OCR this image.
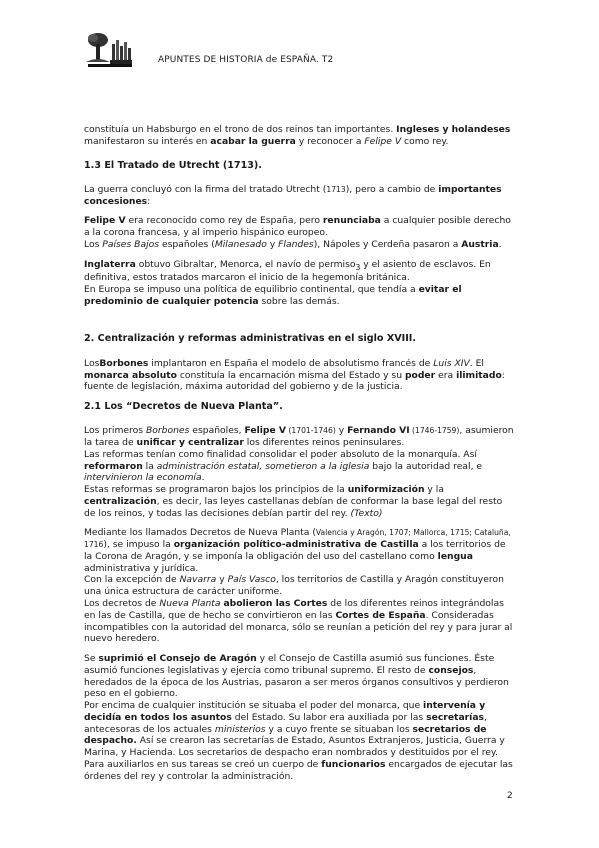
APUNTES DE HISTORIA de ESPAÑA. T2

constituía un Habsburgo en el trono de dos reinos tan importantes. Ingleses y holandeses manifestaron su interés en acabar la guerra y reconocer a Felipe V como rey.

1.3 El Tratado de Utrecht (1713).

La guerra concluyó con la firma del tratado Utrecht (1713), pero a cambio de importantes concesiones:

Felipe V era reconocido como rey de España, pero renunciaba a cualquier posible derecho a la corona francesa, y al imperio hispánico europeo.

Los Países Bajos españoles (Milanesado y Flandes), Nápoles y Cerdeña pasaron a Austria.

Inglaterra obtuvo Gibraltar, Menorca, el navío de permiso$_3$ y el asiento de esclavos. En definitiva, estos tratados marcaron el inicio de la hegemonía británica.

En Europa se impuso una política de equilibrio continental, que tendía a evitar el predominio de cualquier potencia sobre las demás.

2. Centralización y reformas administrativas en el siglo XVIII.

LosBorbones implantaron en España el modelo de absolutismo francés de Luis XIV. El monarca absoluto constituía la encarnación misma del Estado y su poder era ilimitado: fuente de legislación, máxima autoridad del gobierno y de la justicia.

2.1 Los “Decretos de Nueva Planta”.

Los primeros Borbones españoles, Felipe V (1701-1746) y Fernando VI (1746-1759), asumieron la tarea de unificar y centralizar los diferentes reinos peninsulares.

Las reformas tenían como finalidad consolidar el poder absoluto de la monarquía. Así reformaron la administración estatal, sometieron a la iglesia bajo la autoridad real, e intervinieron la economía.

Estas reformas se programaron bajos los principios de la uniformización y la centralización, es decir, las leyes castellanas debían de conformar la base legal del resto de los reinos, y todas las decisiones debían partir del rey. (Texto)

Mediante los llamados Decretos de Nueva Planta (Valencia y Aragón, 1707; Mallorca, 1715; Cataluña, 1716), se impuso la organización político-administrativa de Castilla a los territorios de la Corona de Aragón, y se imponía la obligación del uso del castellano como lengua administrativa y jurídica.

Con la excepción de Navarra y País Vasco, los territorios de Castilla y Aragón constituyeron una única estructura de carácter uniforme.

Los decretos de Nueva Planta abolieron las Cortes de los diferentes reinos integrándolas en las de Castilla, que de hecho se convirtieron en las Cortes de España. Consideradas incompatibles con la autoridad del monarca, sólo se reunían a petición del rey y para jurar al nuevo heredero.

Se suprimió el Consejo de Aragón y el Consejo de Castilla asumió sus funciones. Éste asumió funciones legislativas y ejercía como tribunal supremo. El resto de consejos, heredados de la época de los Austrias, pasaron a ser meros órganos consultivos y perdieron peso en el gobierno.

Por encima de cualquier institución se situaba el poder del monarca, que intervenía y decidía en todos los asuntos del Estado. Su labor era auxiliada por las secretarías, antecesoras de los actuales ministerios y a cuyo frente se situaban los secretarios de despacho. Así se crearon las secretarías de Estado, Asuntos Extranjeros, Justicia, Guerra y Marina, y Hacienda. Los secretarios de despacho eran nombrados y destituidos por el rey.

Para auxiliarlos en sus tareas se creó un cuerpo de funcionarios encargados de ejecutar las órdenes del rey y controlar la administración.

2
